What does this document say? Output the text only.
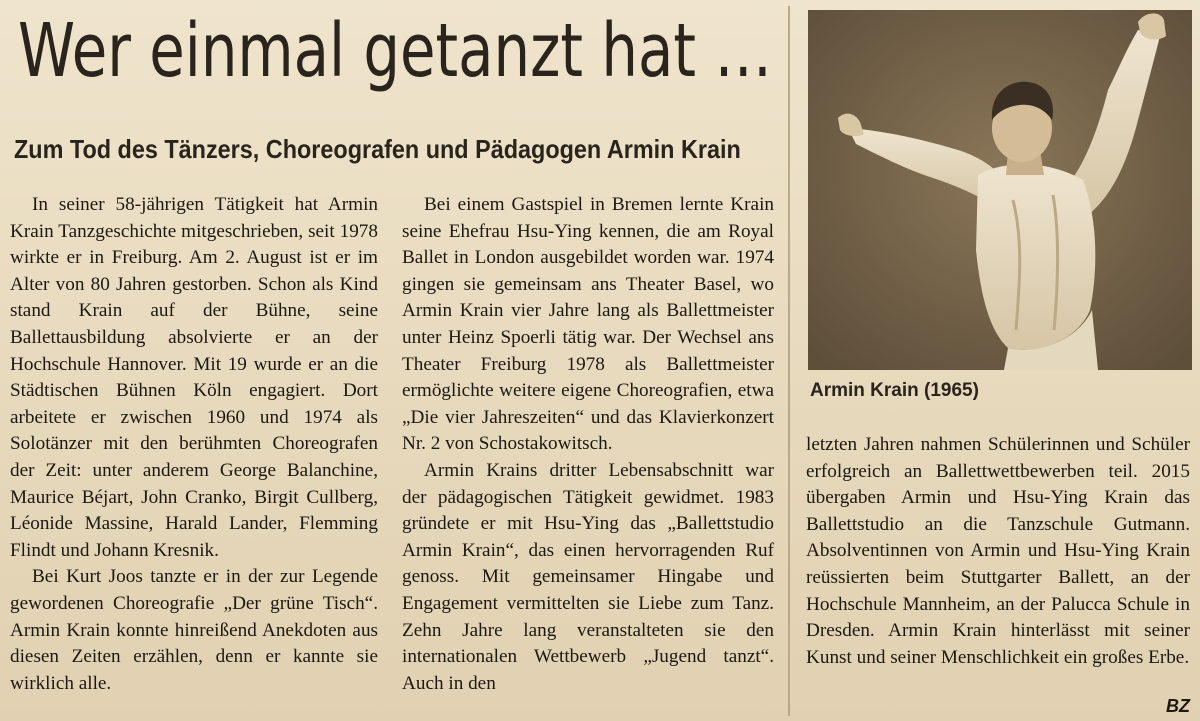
Wer einmal getanzt hat …
Zum Tod des Tänzers, Choreografen und Pädagogen Armin Krain

In seiner 58-jährigen Tätigkeit hat Armin Krain Tanzgeschichte mitgeschrieben, seit 1978 wirkte er in Freiburg. Am 2. August ist er im Alter von 80 Jahren gestorben. Schon als Kind stand Krain auf der Bühne, seine Ballettausbildung absolvierte er an der Hochschule Hannover. Mit 19 wurde er an die Städtischen Bühnen Köln engagiert. Dort arbeitete er zwischen 1960 und 1974 als Solotänzer mit den berühmten Choreografen der Zeit: unter anderem George Balanchine, Maurice Béjart, John Cranko, Birgit Cullberg, Léonide Massine, Harald Lander, Flemming Flindt und Johann Kresnik.

Bei Kurt Joos tanzte er in der zur Legende gewordenen Choreografie „Der grüne Tisch“. Armin Krain konnte hinreißend Anekdoten aus diesen Zeiten erzählen, denn er kannte sie wirklich alle.

Bei einem Gastspiel in Bremen lernte Krain seine Ehefrau Hsu-Ying kennen, die am Royal Ballet in London ausgebildet worden war. 1974 gingen sie gemeinsam ans Theater Basel, wo Armin Krain vier Jahre lang als Ballettmeister unter Heinz Spoerli tätig war. Der Wechsel ans Theater Freiburg 1978 als Ballettmeister ermöglichte weitere eigene Choreografien, etwa „Die vier Jahreszeiten“ und das Klavierkonzert Nr. 2 von Schostakowitsch.

Armin Krains dritter Lebensabschnitt war der pädagogischen Tätigkeit gewidmet. 1983 gründete er mit Hsu-Ying das „Ballettstudio Armin Krain“, das einen hervorragenden Ruf genoss. Mit gemeinsamer Hingabe und Engagement vermittelten sie Liebe zum Tanz. Zehn Jahre lang veranstalteten sie den internationalen Wettbewerb „Jugend tanzt“. Auch in den

Armin Krain (1965)

letzten Jahren nahmen Schülerinnen und Schüler erfolgreich an Ballettwettbewerben teil. 2015 übergaben Armin und Hsu-Ying Krain das Ballettstudio an die Tanzschule Gutmann. Absolventinnen von Armin und Hsu-Ying Krain reüssierten beim Stuttgarter Ballett, an der Hochschule Mannheim, an der Palucca Schule in Dresden. Armin Krain hinterlässt mit seiner Kunst und seiner Menschlichkeit ein großes Erbe.

BZ
